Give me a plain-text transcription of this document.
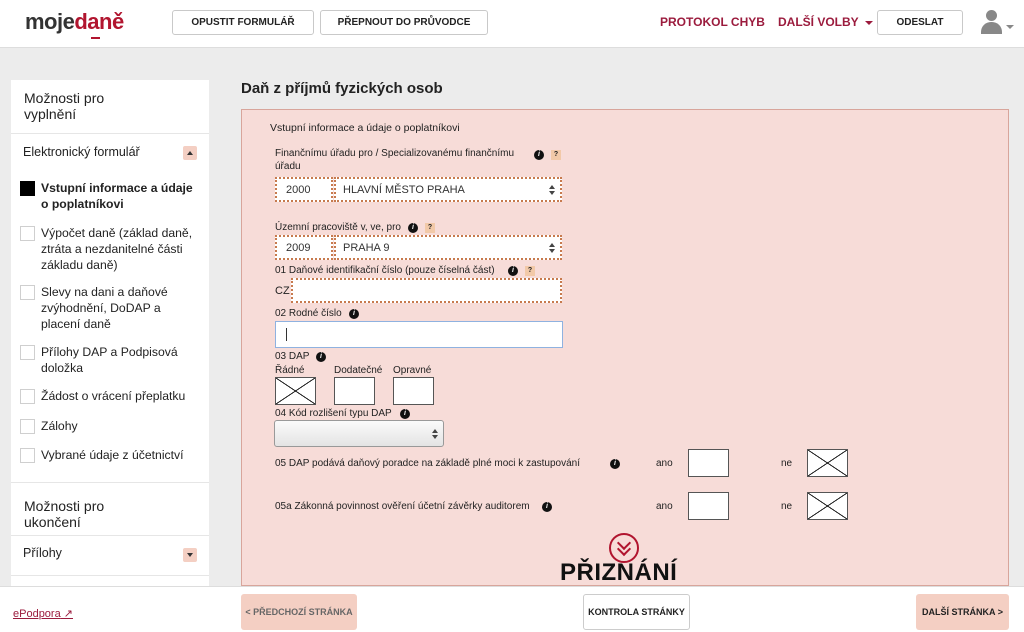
mojedaně	OPUSTIT FORMULÁŘ	PŘEPNOUT DO PRŮVODCE	PROTOKOL CHYB DALŠÍ VOLBY	ODESLAT
Možnosti pro vyplnění
Elektronický formulář
Vstupní informace a údaje o poplatníkovi
Výpočet daně (základ daně, ztráta a nezdanitelné části základu daně)
Slevy na dani a daňové zvýhodnění, DoDAP a placení daně
Přílohy DAP a Podpisová doložka
Žádost o vrácení přeplatku
Zálohy
Vybrané údaje z účetnictví
Možnosti pro ukončení
Přílohy
Daň z příjmů fyzických osob
Vstupní informace a údaje o poplatníkovi
Finančnímu úřadu pro / Specializovanému finančnímu úřadu
i	?
2000	HLAVNÍ MĚSTO PRAHA
Územní pracoviště v, ve, pro	i	?
2009	PRAHA 9
01 Daňové identifikační číslo (pouze číselná část)	i	?
CZ
02 Rodné číslo	i
03 DAP	i
Řádné	Dodatečné Opravné
04 Kód rozlišení typu DAP	i
05 DAP podává daňový poradce na základě plné moci k zastupování	i	ano	ne
05a Zákonná povinnost ověření účetní závěrky auditorem	i	ano	ne
PŘIZNÁNÍ
ePodpora ↗	< PŘEDCHOZÍ STRÁNKA	KONTROLA STRÁNKY	DALŠÍ STRÁNKA >
